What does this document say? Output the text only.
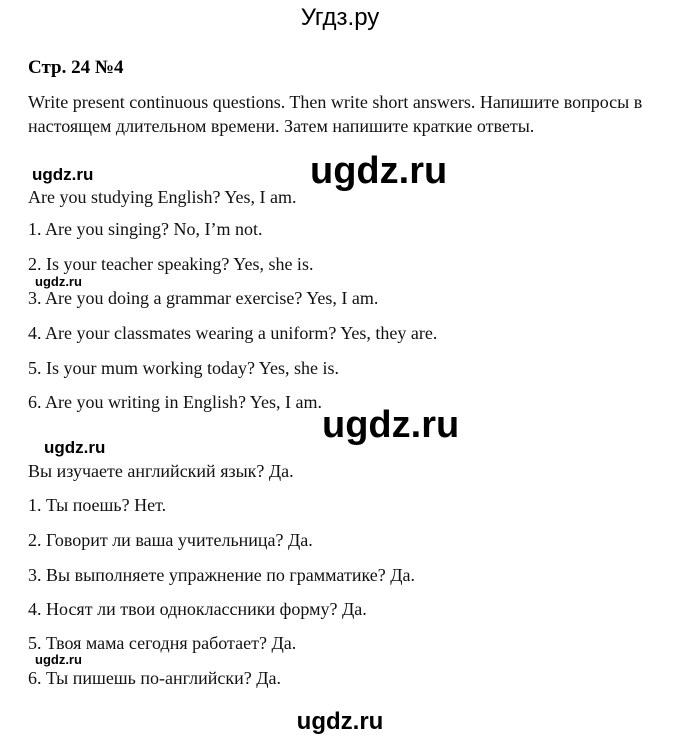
Угдз.ру
Стр. 24 №4
Write present continuous questions. Then write short answers. Напишите вопросы в настоящем длительном времени. Затем напишите краткие ответы.
ugdz.ru	ugdz.ru
Are you studying English? Yes, I am.
1. Are you singing? No, I’m not.
2. Is your teacher speaking? Yes, she is.
ugdz.ru
3. Are you doing a grammar exercise? Yes, I am.
4. Are your classmates wearing a uniform? Yes, they are.
5. Is your mum working today? Yes, she is.
6. Are you writing in English? Yes, I am.
ugdz.ru
ugdz.ru
Вы изучаете английский язык? Да.
1. Ты поешь? Нет.
2. Говорит ли ваша учительница? Да.
3. Вы выполняете упражнение по грамматике? Да.
4. Носят ли твои одноклассники форму? Да.
5. Твоя мама сегодня работает? Да.
ugdz.ru
6. Ты пишешь по-английски? Да.
ugdz.ru
